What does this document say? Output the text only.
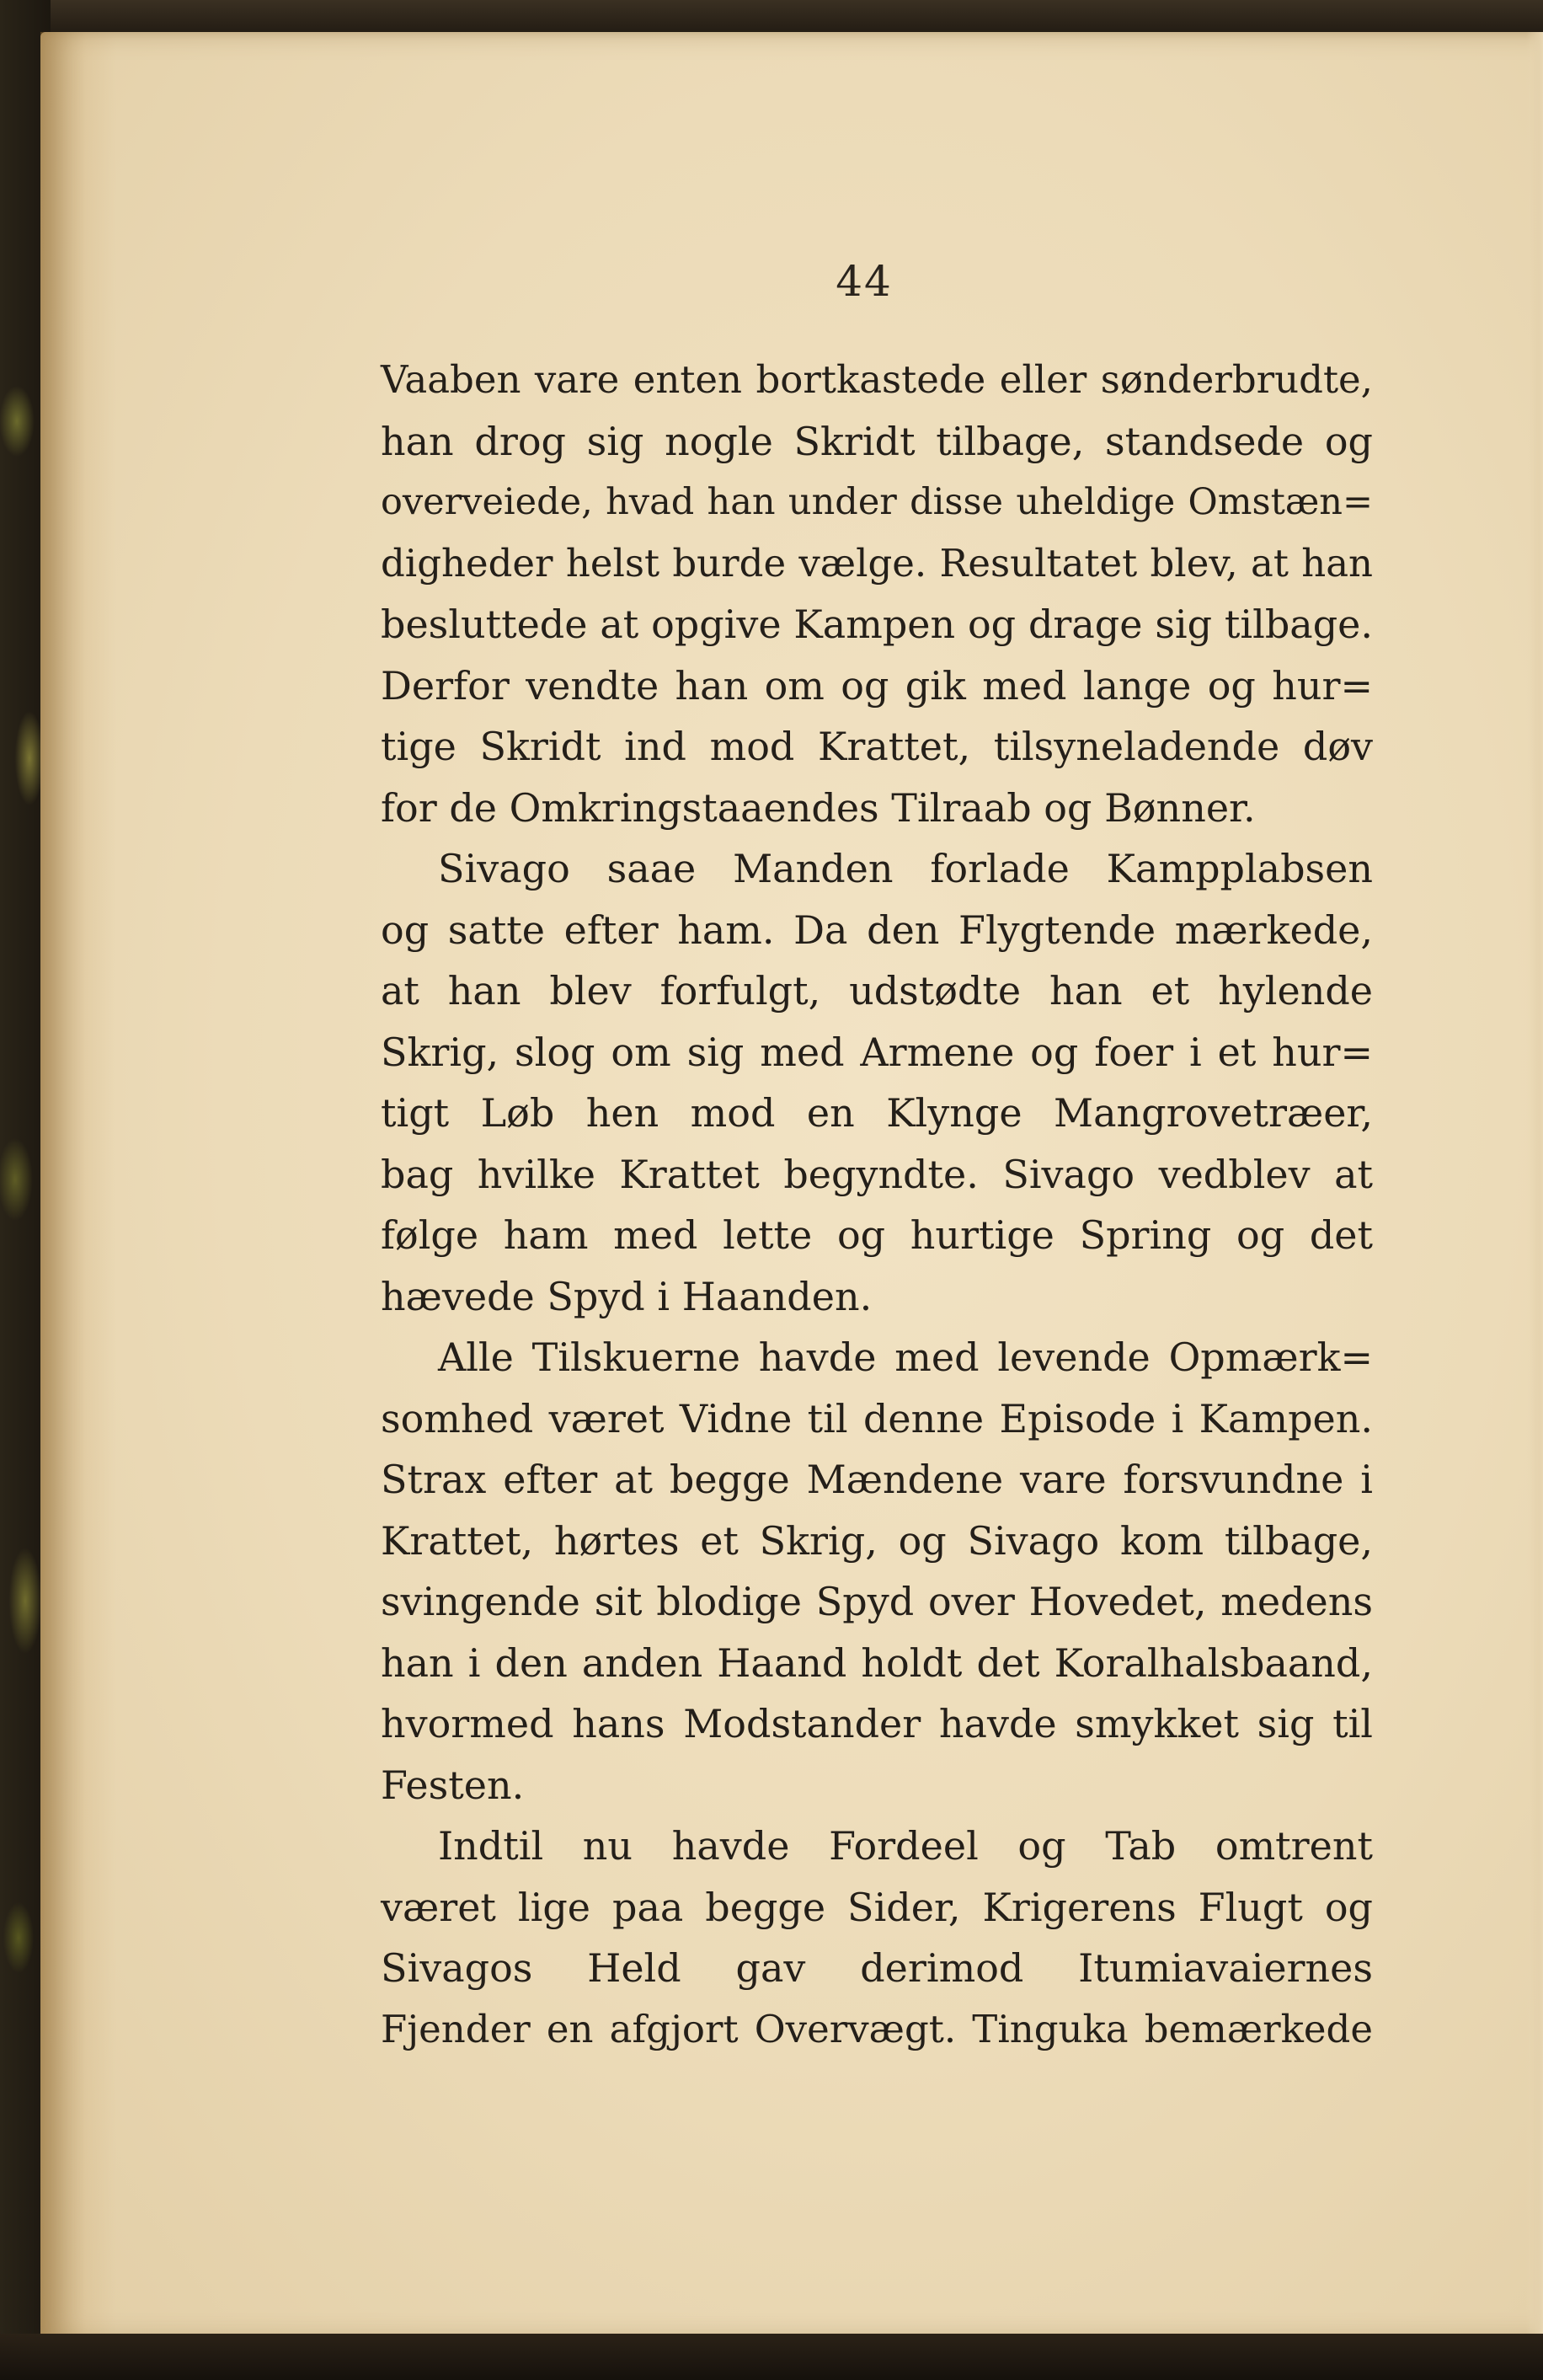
44
Vaaben vare enten bortkastede eller sønderbrudte,
han drog sig nogle Skridt tilbage, standsede og
overveiede, hvad han under disse uheldige Omstæn=
digheder helst burde vælge. Resultatet blev, at han
besluttede at opgive Kampen og drage sig tilbage.
Derfor vendte han om og gik med lange og hur=
tige Skridt ind mod Krattet, tilsyneladende døv
for de Omkringstaaendes Tilraab og Bønner.
Sivago saae Manden forlade Kampplabsen
og satte efter ham. Da den Flygtende mærkede,
at han blev forfulgt, udstødte han et hylende
Skrig, slog om sig med Armene og foer i et hur=
tigt Løb hen mod en Klynge Mangrovetræer,
bag hvilke Krattet begyndte. Sivago vedblev at
følge ham med lette og hurtige Spring og det
hævede Spyd i Haanden.
Alle Tilskuerne havde med levende Opmærk=
somhed været Vidne til denne Episode i Kampen.
Strax efter at begge Mændene vare forsvundne i
Krattet, hørtes et Skrig, og Sivago kom tilbage,
svingende sit blodige Spyd over Hovedet, medens
han i den anden Haand holdt det Koralhalsbaand,
hvormed hans Modstander havde smykket sig til
Festen.
Indtil nu havde Fordeel og Tab omtrent
været lige paa begge Sider, Krigerens Flugt og
Sivagos Held gav derimod Itumiavaiernes
Fjender en afgjort Overvægt. Tinguka bemærkede
